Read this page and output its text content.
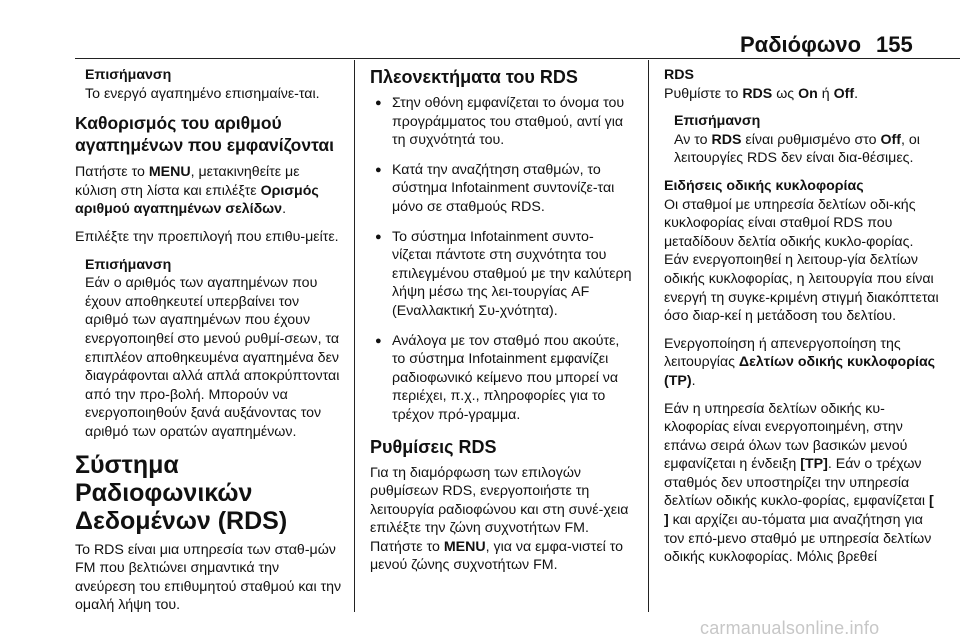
Ραδιόφωνο 155
Επισήμανση
Το ενεργό αγαπημένο επισημαίνε-ται.
Καθορισμός του αριθμού αγαπημένων που εμφανίζονται
Πατήστε το MENU, μετακινηθείτε με κύλιση στη λίστα και επιλέξτε Ορισμός αριθμού αγαπημένων σελίδων.
Επιλέξτε την προεπιλογή που επιθυ-μείτε.
Επισήμανση
Εάν ο αριθμός των αγαπημένων που έχουν αποθηκευτεί υπερβαίνει τον αριθμό των αγαπημένων που έχουν ενεργοποιηθεί στο μενού ρυθμί-σεων, τα επιπλέον αποθηκευμένα αγαπημένα δεν διαγράφονται αλλά απλά αποκρύπτονται από την προ-βολή. Μπορούν να ενεργοποιηθούν ξανά αυξάνοντας τον αριθμό των ορατών αγαπημένων.
Σύστημα Ραδιοφωνικών Δεδομένων (RDS)
Το RDS είναι μια υπηρεσία των σταθ-μών FM που βελτιώνει σημαντικά την ανεύρεση του επιθυμητού σταθμού και την ομαλή λήψη του.
Πλεονεκτήματα του RDS
● Στην οθόνη εμφανίζεται το όνομα του προγράμματος του σταθμού, αντί για τη συχνότητά του.
● Κατά την αναζήτηση σταθμών, το σύστημα Infotainment συντονίζε-ται μόνο σε σταθμούς RDS.
● Το σύστημα Infotainment συντο-νίζεται πάντοτε στη συχνότητα του επιλεγμένου σταθμού με την καλύτερη λήψη μέσω της λει-τουργίας AF (Εναλλακτική Συ-χνότητα).
● Ανάλογα με τον σταθμό που ακούτε, το σύστημα Infotainment εμφανίζει ραδιοφωνικό κείμενο που μπορεί να περιέχει, π.χ., πληροφορίες για το τρέχον πρό-γραμμα.
Ρυθμίσεις RDS
Για τη διαμόρφωση των επιλογών ρυθμίσεων RDS, ενεργοποιήστε τη λειτουργία ραδιοφώνου και στη συνέ-χεια επιλέξτε την ζώνη συχνοτήτων FM. Πατήστε το MENU, για να εμφα-νιστεί το μενού ζώνης συχνοτήτων FM.
RDS
Ρυθμίστε το RDS ως On ή Off.
Επισήμανση
Αν το RDS είναι ρυθμισμένο στο Off, οι λειτουργίες RDS δεν είναι δια-θέσιμες.
Ειδήσεις οδικής κυκλοφορίας
Οι σταθμοί με υπηρεσία δελτίων οδι-κής κυκλοφορίας είναι σταθμοί RDS που μεταδίδουν δελτία οδικής κυκλο-φορίας. Εάν ενεργοποιηθεί η λειτουρ-γία δελτίων οδικής κυκλοφορίας, η λειτουργία που είναι ενεργή τη συγκε-κριμένη στιγμή διακόπτεται όσο διαρ-κεί η μετάδοση του δελτίου.
Ενεργοποίηση ή απενεργοποίηση της λειτουργίας Δελτίων οδικής κυκλοφορίας (TP).
Εάν η υπηρεσία δελτίων οδικής κυ-κλοφορίας είναι ενεργοποιημένη, στην επάνω σειρά όλων των βασικών μενού εμφανίζεται η ένδειξη [TP]. Εάν ο τρέχων σταθμός δεν υποστηρίζει την υπηρεσία δελτίων οδικής κυκλο-φορίας, εμφανίζεται [ ] και αρχίζει αυ-τόματα μια αναζήτηση για τον επό-μενο σταθμό με υπηρεσία δελτίων οδικής κυκλοφορίας. Μόλις βρεθεί
carmanualsonline.info
